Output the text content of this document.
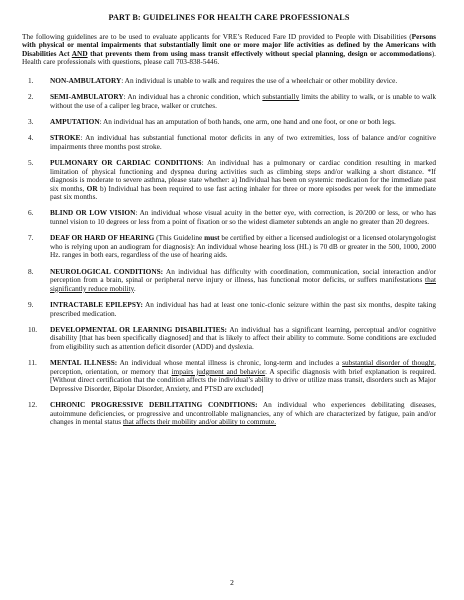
PART B: GUIDELINES FOR HEALTH CARE PROFESSIONALS

The following guidelines are to be used to evaluate applicants for VRE’s Reduced Fare ID provided to People with Disabilities (Persons with physical or mental impairments that substantially limit one or more major life activities as defined by the Americans with Disabilities Act AND that prevents them from using mass transit effectively without special planning, design or accommodations). Health care professionals with questions, please call 703-838-5446.

1. NON-AMBULATORY: An individual is unable to walk and requires the use of a wheelchair or other mobility device.
2. SEMI-AMBULATORY: An individual has a chronic condition, which substantially limits the ability to walk, or is unable to walk without the use of a caliper leg brace, walker or crutches.
3. AMPUTATION: An individual has an amputation of both hands, one arm, one hand and one foot, or one or both legs.
4. STROKE: An individual has substantial functional motor deficits in any of two extremities, loss of balance and/or cognitive impairments three months post stroke.
5. PULMONARY OR CARDIAC CONDITIONS: An individual has a pulmonary or cardiac condition resulting in marked limitation of physical functioning and dyspnea during activities such as climbing steps and/or walking a short distance. *If diagnosis is moderate to severe asthma, please state whether: a) Individual has been on systemic medication for the immediate past six months, OR b) Individual has been required to use fast acting inhaler for three or more episodes per week for the immediate past six months.
6. BLIND OR LOW VISION: An individual whose visual acuity in the better eye, with correction, is 20/200 or less, or who has tunnel vision to 10 degrees or less from a point of fixation or so the widest diameter subtends an angle no greater than 20 degrees.
7. DEAF OR HARD OF HEARING (This Guideline must be certified by either a licensed audiologist or a licensed otolaryngologist who is relying upon an audiogram for diagnosis): An individual whose hearing loss (HL) is 70 dB or greater in the 500, 1000, 2000 Hz. ranges in both ears, regardless of the use of hearing aids.
8. NEUROLOGICAL CONDITIONS: An individual has difficulty with coordination, communication, social interaction and/or perception from a brain, spinal or peripheral nerve injury or illness, has functional motor deficits, or suffers manifestations that significantly reduce mobility.
9. INTRACTABLE EPILEPSY: An individual has had at least one tonic-clonic seizure within the past six months, despite taking prescribed medication.
10. DEVELOPMENTAL OR LEARNING DISABILITIES: An individual has a significant learning, perceptual and/or cognitive disability [that has been specifically diagnosed] and that is likely to affect their ability to commute. Some conditions are excluded from eligibility such as attention deficit disorder (ADD) and dyslexia.
11. MENTAL ILLNESS: An individual whose mental illness is chronic, long-term and includes a substantial disorder of thought, perception, orientation, or memory that impairs judgment and behavior. A specific diagnosis with brief explanation is required. [Without direct certification that the condition affects the individual’s ability to drive or utilize mass transit, disorders such as Major Depressive Disorder, Bipolar Disorder, Anxiety, and PTSD are excluded]
12. CHRONIC PROGRESSIVE DEBILITATING CONDITIONS: An individual who experiences debilitating diseases, autoimmune deficiencies, or progressive and uncontrollable malignancies, any of which are characterized by fatigue, pain and/or changes in mental status that affects their mobility and/or ability to commute.
2
